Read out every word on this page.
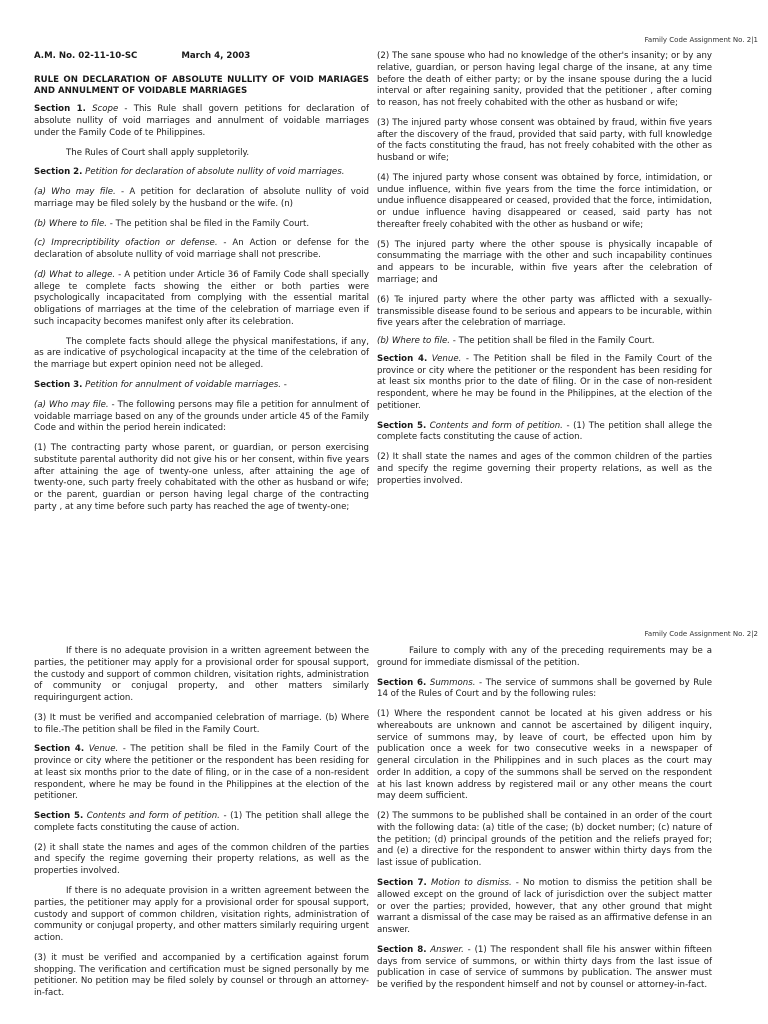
Family Code Assignment No. 2|1
A.M. No. 02-11-10-SC	March 4, 2003
RULE ON DECLARATION OF ABSOLUTE NULLITY OF VOID MARIAGES AND ANNULMENT OF VOIDABLE MARRIAGES

Section 1. Scope - This Rule shall govern petitions for declaration of absolute nullity of void marriages and annulment of voidable marriages under the Family Code of te Philippines.

The Rules of Court shall apply suppletorily.

Section 2. Petition for declaration of absolute nullity of void marriages.

(a) Who may file. - A petition for declaration of absolute nullity of void marriage may be filed solely by the husband or the wife. (n)

(b) Where to file. - The petition shal be filed in the Family Court.

(c) Imprecriptibility ofaction or defense. - An Action or defense for the declaration of absolute nullity of void marriage shall not prescribe.

(d) What to allege. - A petition under Article 36 of Family Code shall specially allege te complete facts showing the either or both parties were psychologically incapacitated from complying with the essential marital obligations of marriages at the time of the celebration of marriage even if such incapacity becomes manifest only after its celebration.

The complete facts should allege the physical manifestations, if any, as are indicative of psychological incapacity at the time of the celebration of the marriage but expert opinion need not be alleged.

Section 3. Petition for annulment of voidable marriages. -

(a) Who may file. - The following persons may file a petition for annulment of voidable marriage based on any of the grounds under article 45 of the Family Code and within the period herein indicated:

(1) The contracting party whose parent, or guardian, or person exercising substitute parental authority did not give his or her consent, within five years after attaining the age of twenty-one unless, after attaining the age of twenty-one, such party freely cohabitated with the other as husband or wife; or the parent, guardian or person having legal charge of the contracting party , at any time before such party has reached the age of twenty-one;

(2) The sane spouse who had no knowledge of the other's insanity; or by any relative, guardian, or person having legal charge of the insane, at any time before the death of either party; or by the insane spouse during the a lucid interval or after regaining sanity, provided that the petitioner , after coming to reason, has not freely cohabited with the other as husband or wife;

(3) The injured party whose consent was obtained by fraud, within five years after the discovery of the fraud, provided that said party, with full knowledge of the facts constituting the fraud, has not freely cohabited with the other as husband or wife;

(4) The injured party whose consent was obtained by force, intimidation, or undue influence, within five years from the time the force intimidation, or undue influence disappeared or ceased, provided that the force, intimidation, or undue influence having disappeared or ceased, said party has not thereafter freely cohabited with the other as husband or wife;

(5) The injured party where the other spouse is physically incapable of consummating the marriage with the other and such incapability continues and appears to be incurable, within five years after the celebration of marriage; and

(6) Te injured party where the other party was afflicted with a sexually-transmissible disease found to be serious and appears to be incurable, within five years after the celebration of marriage.

(b) Where to file. - The petition shall be filed in the Family Court.

Section 4. Venue. - The Petition shall be filed in the Family Court of the province or city where the petitioner or the respondent has been residing for at least six months prior to the date of filing. Or in the case of non-resident respondent, where he may be found in the Philippines, at the election of the petitioner.

Section 5. Contents and form of petition. - (1) The petition shall allege the complete facts constituting the cause of action.

(2) It shall state the names and ages of the common children of the parties and specify the regime governing their property relations, as well as the properties involved.

Family Code Assignment No. 2|2

If there is no adequate provision in a written agreement between the parties, the petitioner may apply for a provisional order for spousal support, the custody and support of common children, visitation rights, administration of community or conjugal property, and other matters similarly requiringurgent action.

(3) It must be verified and accompanied celebration of marriage. (b) Where to file.-The petition shall be filed in the Family Court.

Section 4. Venue. - The petition shall be filed in the Family Court of the province or city where the petitioner or the respondent has been residing for at least six months prior to the date of filing, or in the case of a non-resident respondent, where he may be found in the Philippines at the election of the petitioner.

Section 5. Contents and form of petition. - (1) The petition shall allege the complete facts constituting the cause of action.

(2) it shall state the names and ages of the common children of the parties and specify the regime governing their property relations, as well as the properties involved.

If there is no adequate provision in a written agreement between the parties, the petitioner may apply for a provisional order for spousal support, custody and support of common children, visitation rights, administration of community or conjugal property, and other matters similarly requiring urgent action.

(3) it must be verified and accompanied by a certification against forum shopping. The verification and certification must be signed personally by me petitioner. No petition may be filed solely by counsel or through an attorney-in-fact.

Failure to comply with any of the preceding requirements may be a ground for immediate dismissal of the petition.

Section 6. Summons. - The service of summons shall be governed by Rule 14 of the Rules of Court and by the following rules:

(1) Where the respondent cannot be located at his given address or his whereabouts are unknown and cannot be ascertained by diligent inquiry, service of summons may, by leave of court, be effected upon him by publication once a week for two consecutive weeks in a newspaper of general circulation in the Philippines and in such places as the court may order In addition, a copy of the summons shall be served on the respondent at his last known address by registered mail or any other means the court may deem sufficient.

(2) The summons to be published shall be contained in an order of the court with the following data: (a) title of the case; (b) docket number; (c) nature of the petition; (d) principal grounds of the petition and the reliefs prayed for; and (e) a directive for the respondent to answer within thirty days from the last issue of publication.

Section 7. Motion to dismiss. - No motion to dismiss the petition shall be allowed except on the ground of lack of jurisdiction over the subject matter or over the parties; provided, however, that any other ground that might warrant a dismissal of the case may be raised as an affirmative defense in an answer.

Section 8. Answer. - (1) The respondent shall file his answer within fifteen days from service of summons, or within thirty days from the last issue of publication in case of service of summons by publication. The answer must be verified by the respondent himself and not by counsel or attorney-in-fact.
